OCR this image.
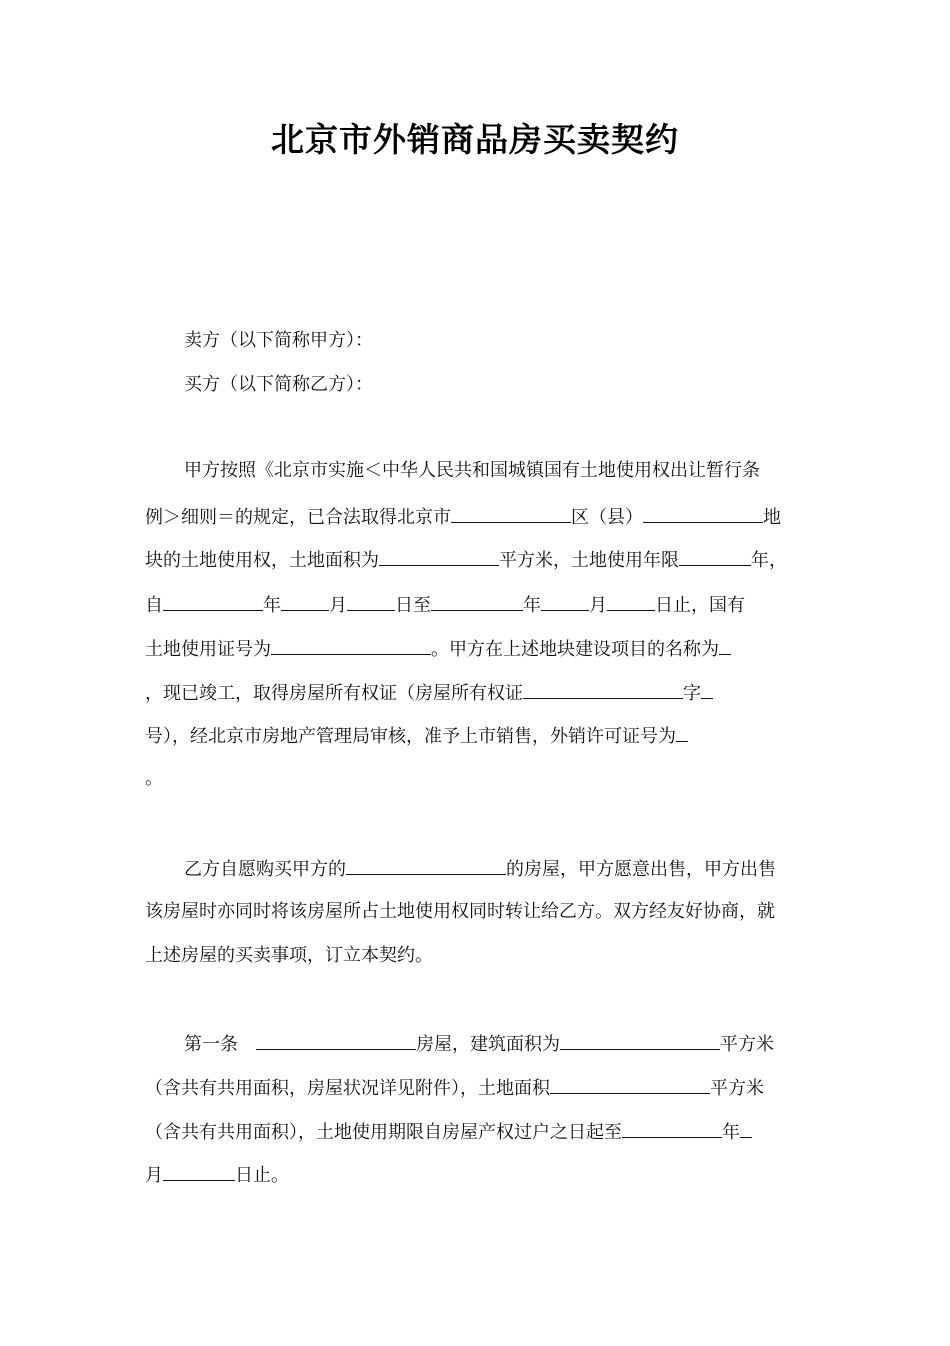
北京市外销商品房买卖契约
卖方（以下简称甲方）：
买方（以下简称乙方）：
甲方按照《北京市实施＜中华人民共和国城镇国有土地使用权出让暂行条
例＞细则＝的规定，已合法取得北京市	区（县）	地
块的土地使用权，土地面积为	平方米，土地使用年限	年，
自	年	月	日至	年	月	日止，国有
土地使用证号为	。甲方在上述地块建设项目的名称为
，现已竣工，取得房屋所有权证（房屋所有权证	字
号），经北京市房地产管理局审核，准予上市销售，外销许可证号为
。
乙方自愿购买甲方的	的房屋，甲方愿意出售，甲方出售
该房屋时亦同时将该房屋所占土地使用权同时转让给乙方。双方经友好协商，就
上述房屋的买卖事项，订立本契约。
第一条	房屋，建筑面积为	平方米
（含共有共用面积，房屋状况详见附件），土地面积	平方米
（含共有共用面积），土地使用期限自房屋产权过户之日起至	年
月	日止。
